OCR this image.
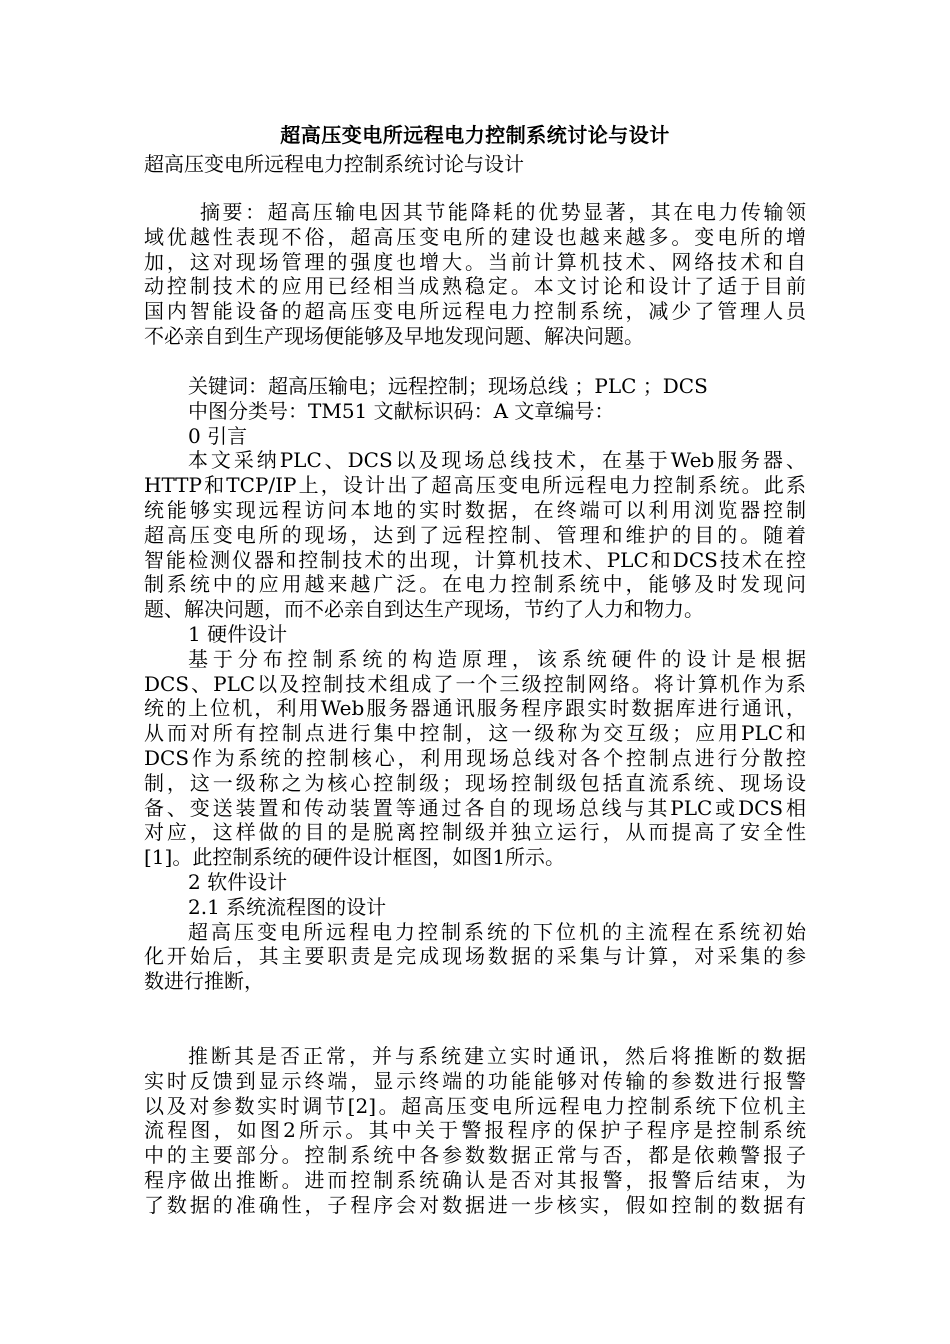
超高压变电所远程电力控制系统讨论与设计
超高压变电所远程电力控制系统讨论与设计
摘要：超高压输电因其节能降耗的优势显著，其在电力传输领
域优越性表现不俗，超高压变电所的建设也越来越多。变电所的增
加，这对现场管理的强度也增大。当前计算机技术、网络技术和自
动控制技术的应用已经相当成熟稳定。本文讨论和设计了适于目前
国内智能设备的超高压变电所远程电力控制系统，减少了管理人员
不必亲自到生产现场便能够及早地发现问题、解决问题。
关键词：超高压输电；远程控制；现场总线 ；PLC ；DCS
中图分类号：TM51 文献标识码：A 文章编号：
0 引言
本文采纳PLC、DCS以及现场总线技术，在基于Web服务器、
HTTP和TCP/IP上，设计出了超高压变电所远程电力控制系统。此系
统能够实现远程访问本地的实时数据，在终端可以利用浏览器控制
超高压变电所的现场，达到了远程控制、管理和维护的目的。随着
智能检测仪器和控制技术的出现，计算机技术、PLC和DCS技术在控
制系统中的应用越来越广泛。在电力控制系统中，能够及时发现问
题、解决问题，而不必亲自到达生产现场，节约了人力和物力。
1 硬件设计
基于分布控制系统的构造原理，该系统硬件的设计是根据
DCS、PLC以及控制技术组成了一个三级控制网络。将计算机作为系
统的上位机，利用Web服务器通讯服务程序跟实时数据库进行通讯，
从而对所有控制点进行集中控制，这一级称为交互级；应用PLC和
DCS作为系统的控制核心，利用现场总线对各个控制点进行分散控
制，这一级称之为核心控制级；现场控制级包括直流系统、现场设
备、变送装置和传动装置等通过各自的现场总线与其PLC或DCS相
对应，这样做的目的是脱离控制级并独立运行，从而提高了安全性
[1]。此控制系统的硬件设计框图，如图1所示。
2 软件设计
2.1 系统流程图的设计
超高压变电所远程电力控制系统的下位机的主流程在系统初始
化开始后，其主要职责是完成现场数据的采集与计算，对采集的参
数进行推断，
推断其是否正常，并与系统建立实时通讯，然后将推断的数据
实时反馈到显示终端，显示终端的功能能够对传输的参数进行报警
以及对参数实时调节[2]。超高压变电所远程电力控制系统下位机主
流程图，如图2所示。其中关于警报程序的保护子程序是控制系统
中的主要部分。控制系统中各参数数据正常与否，都是依赖警报子
程序做出推断。进而控制系统确认是否对其报警，报警后结束，为
了数据的准确性，子程序会对数据进一步核实，假如控制的数据有
